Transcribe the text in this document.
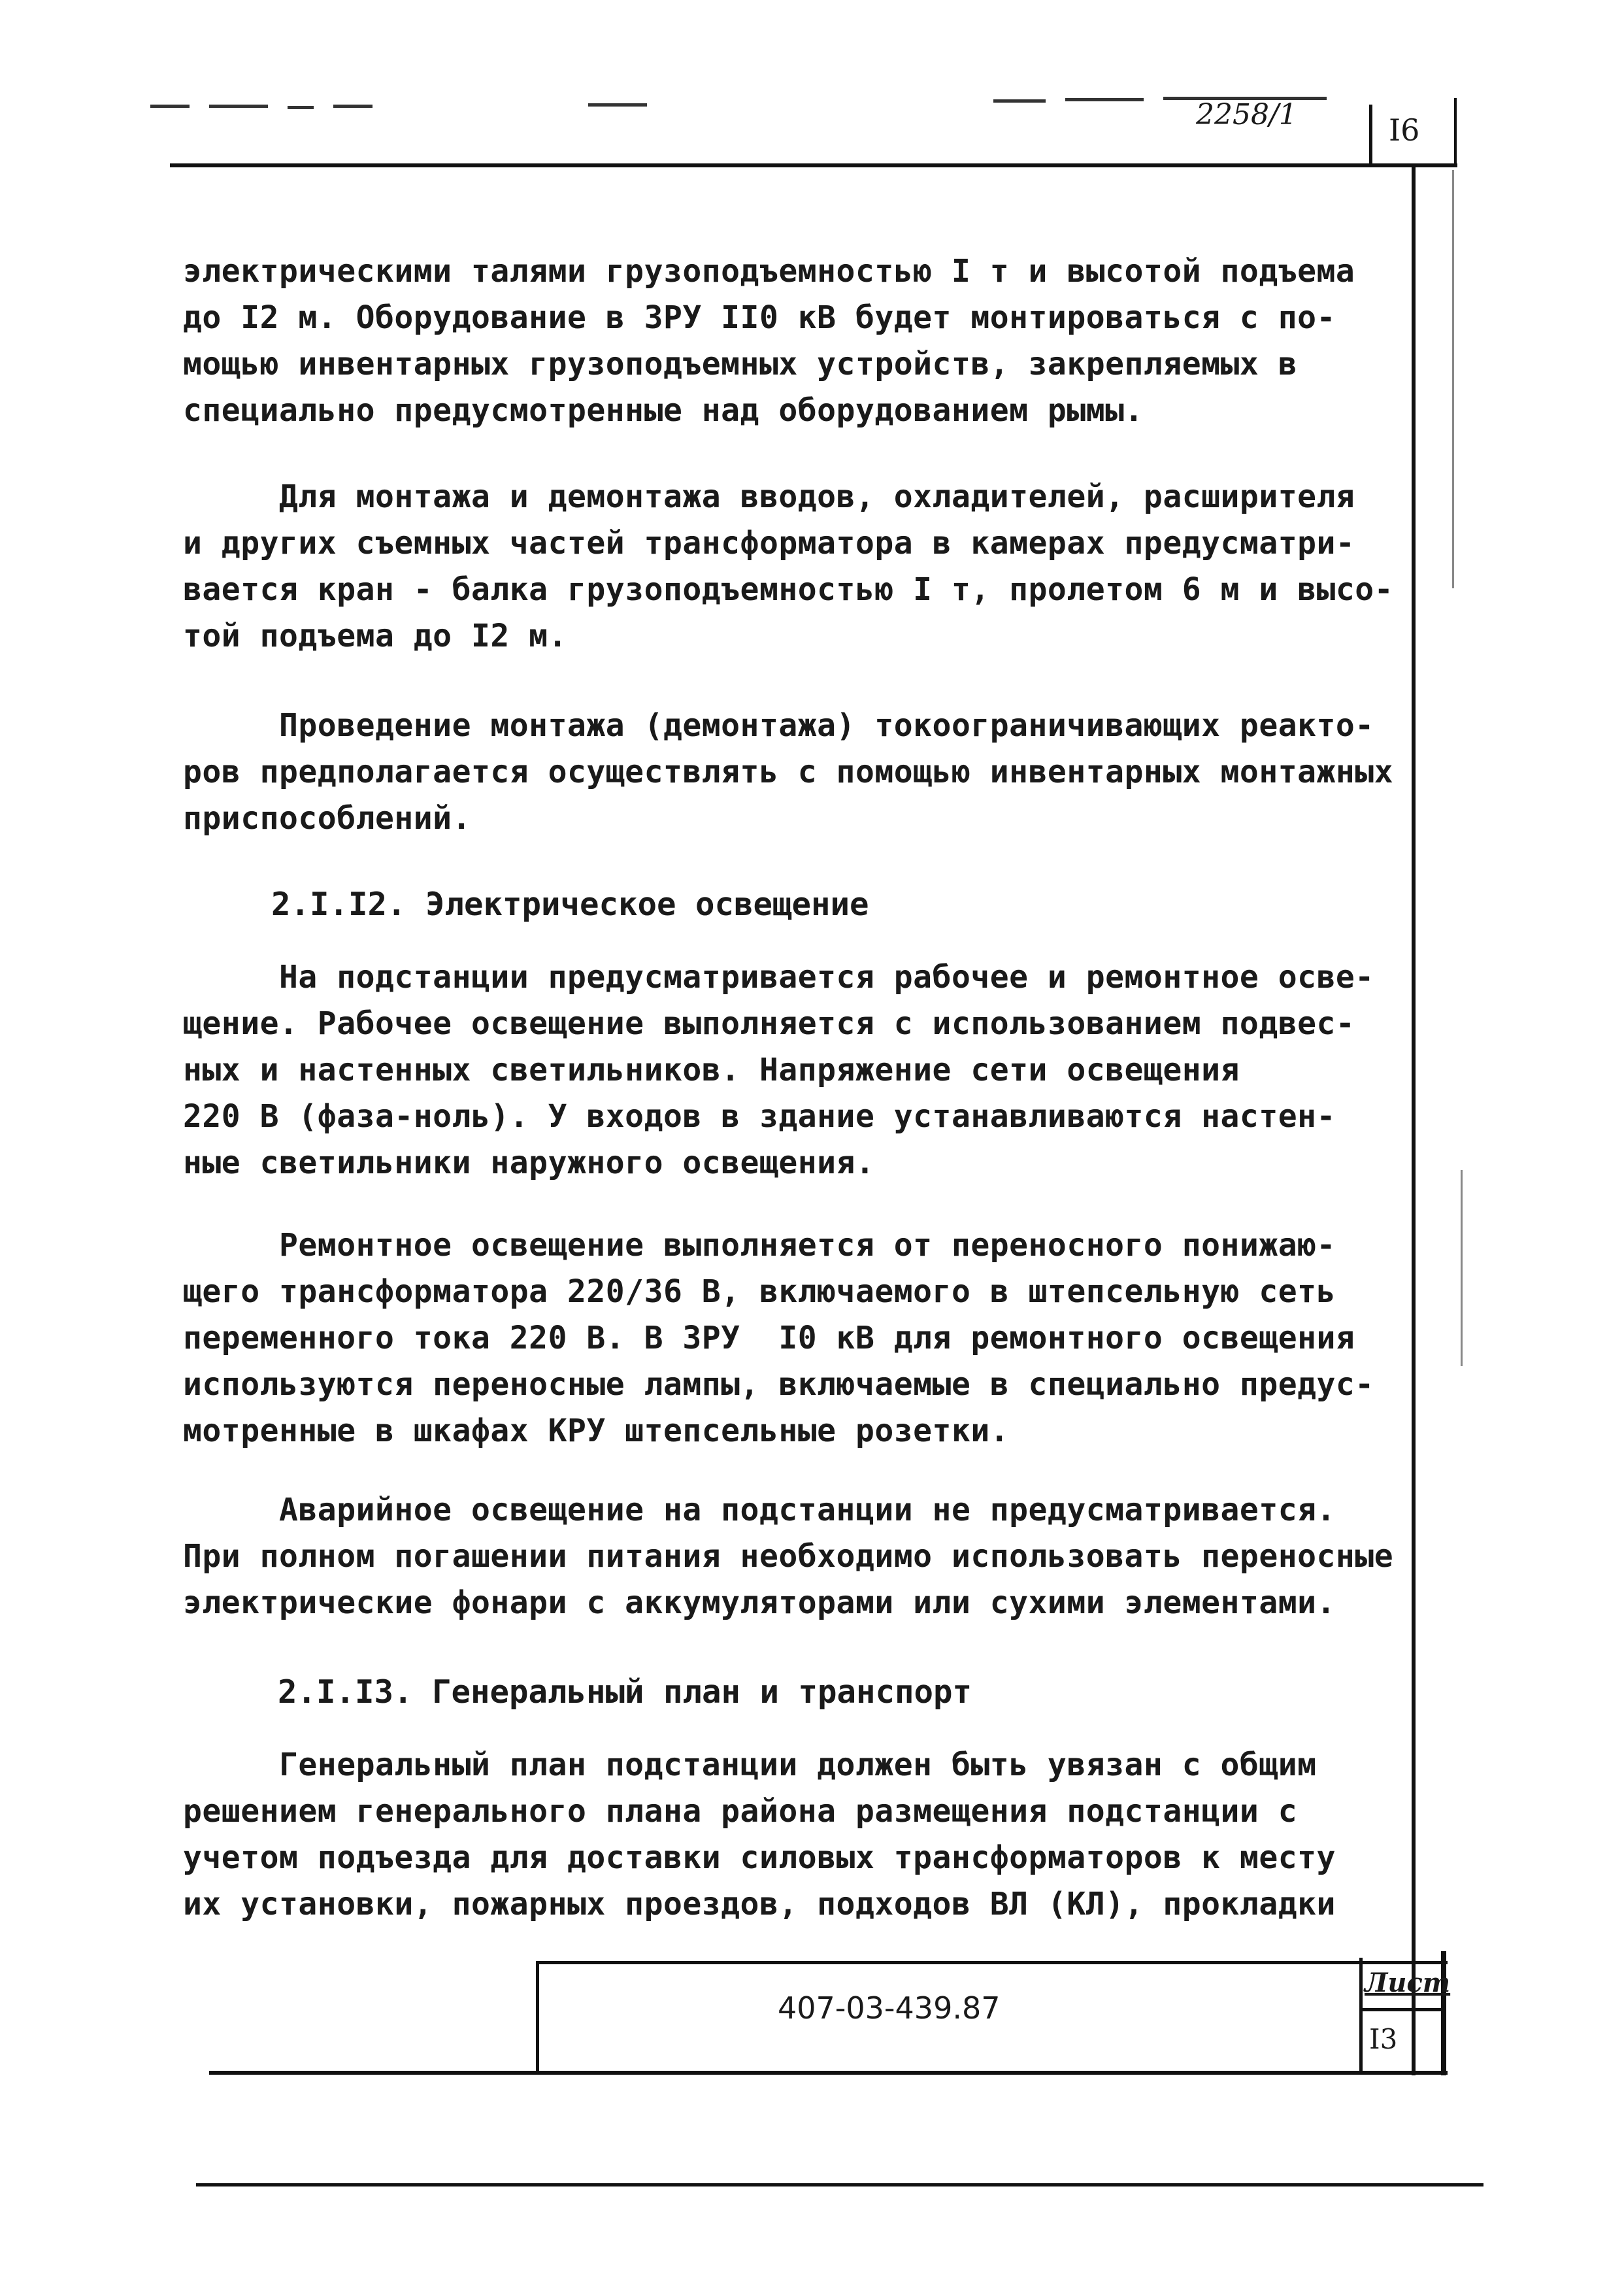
2258/1	I6

электрическими талями грузоподъемностью I т и высотой подъема

до I2 м. Оборудование в ЗРУ II0 кВ будет монтироваться с по-

мощью инвентарных грузоподъемных устройств, закрепляемых в

специально предусмотренные над оборудованием рымы.

Для монтажа и демонтажа вводов, охладителей, расширителя

и других съемных частей трансформатора в камерах предусматри-

вается кран - балка грузоподъемностью I т, пролетом 6 м и высо-

той подъема до I2 м.

Проведение монтажа (демонтажа) токоограничивающих реакто-

ров предполагается осуществлять с помощью инвентарных монтажных

приспособлений.

2.I.I2. Электрическое освещение

На подстанции предусматривается рабочее и ремонтное осве-

щение. Рабочее освещение выполняется с использованием подвес-

ных и настенных светильников. Напряжение сети освещения

220 В (фаза-ноль). У входов в здание устанавливаются настен-

ные светильники наружного освещения.

Ремонтное освещение выполняется от переносного понижаю-

щего трансформатора 220/36 В, включаемого в штепсельную сеть

переменного тока 220 В. В ЗРУ  I0 кВ для ремонтного освещения

используются переносные лампы, включаемые в специально предус-

мотренные в шкафах КРУ штепсельные розетки.

Аварийное освещение на подстанции не предусматривается.

При полном погашении питания необходимо использовать переносные

электрические фонари с аккумуляторами или сухими элементами.

2.I.I3. Генеральный план и транспорт

Генеральный план подстанции должен быть увязан с общим

решением генерального плана района размещения подстанции с

учетом подъезда для доставки силовых трансформаторов к месту

их установки, пожарных проездов, подходов ВЛ (КЛ), прокладки

407-03-439.87
Лист
I3
